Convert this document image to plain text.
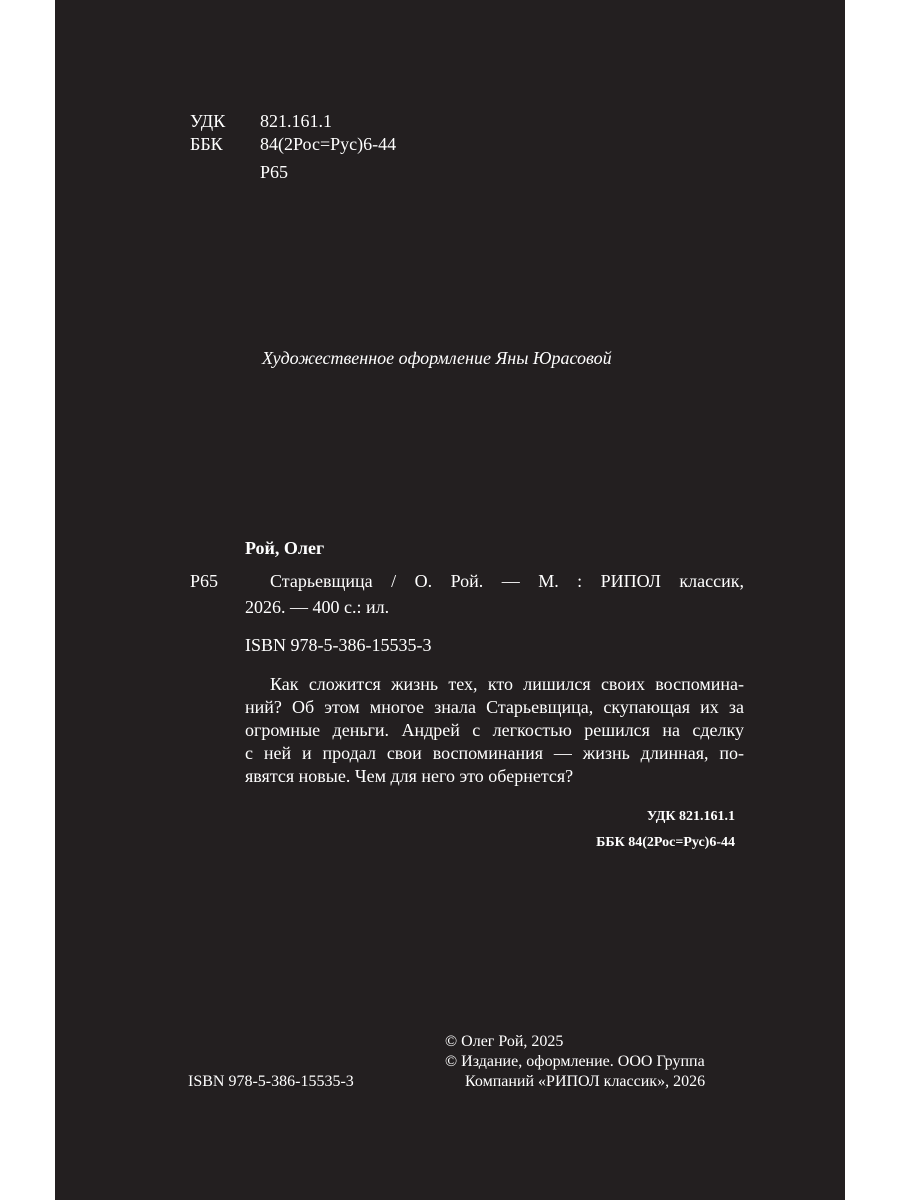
УДК 821.161.1
ББК 84(2Рос=Рус)6-44
Р65
Художественное оформление Яны Юрасовой
Рой, Олег
Р65	Старьевщица / О. Рой. — М. : РИПОЛ классик,
2026. — 400 с.: ил.
ISBN 978-5-386-15535-3
Как сложится жизнь тех, кто лишился своих воспомина-
ний? Об этом многое знала Старьевщица, скупающая их за
огромные деньги. Андрей с легкостью решился на сделку
с ней и продал свои воспоминания — жизнь длинная, по-
явятся новые. Чем для него это обернется?
УДК 821.161.1
ББК 84(2Рос=Рус)6-44
© Олег Рой, 2025
© Издание, оформление. ООО Группа
Компаний «РИПОЛ классик», 2026
ISBN 978-5-386-15535-3
